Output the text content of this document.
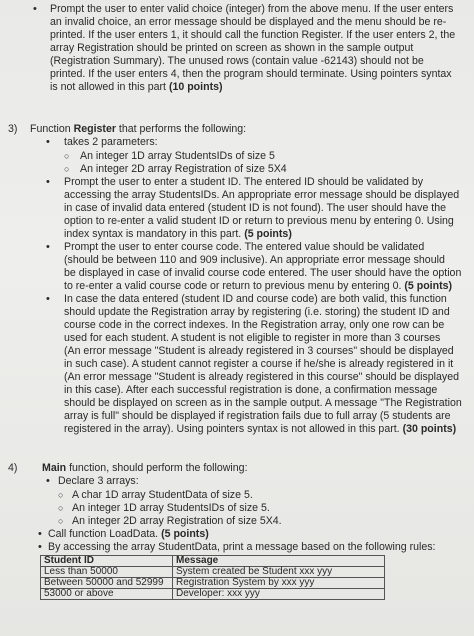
• Prompt the user to enter valid choice (integer) from the above menu. If the user enters
an invalid choice, an error message should be displayed and the menu should be re-
printed. If the user enters 1, it should call the function Register. If the user enters 2, the
array Registration should be printed on screen as shown in the sample output
(Registration Summary). The unused rows (contain value -62143) should not be
printed. If the user enters 4, then the program should terminate. Using pointers syntax
is not allowed in this part (10 points)
3) Function Register that performs the following:
• takes 2 parameters:
○ An integer 1D array StudentsIDs of size 5
○ An integer 2D array Registration of size 5X4
• Prompt the user to enter a student ID. The entered ID should be validated by
accessing the array StudentsIDs. An appropriate error message should be displayed
in case of invalid data entered (student ID is not found). The user should have the
option to re-enter a valid student ID or return to previous menu by entering 0. Using
index syntax is mandatory in this part. (5 points)
• Prompt the user to enter course code. The entered value should be validated
(should be between 110 and 909 inclusive). An appropriate error message should
be displayed in case of invalid course code entered. The user should have the option
to re-enter a valid course code or return to previous menu by entering 0. (5 points)
• In case the data entered (student ID and course code) are both valid, this function
should update the Registration array by registering (i.e. storing) the student ID and
course code in the correct indexes. In the Registration array, only one row can be
used for each student. A student is not eligible to register in more than 3 courses
(An error message "Student is already registered in 3 courses" should be displayed
in such case). A student cannot register a course if he/she is already registered in it
(An error message "Student is already registered in this course" should be displayed
in this case). After each successful registration is done, a confirmation message
should be displayed on screen as in the sample output. A message "The Registration
array is full" should be displayed if registration fails due to full array (5 students are
registered in the array). Using pointers syntax is not allowed in this part. (30 points)
4) Main function, should perform the following:
• Declare 3 arrays:
○ A char 1D array StudentData of size 5.
○ An integer 1D array StudentsIDs of size 5.
○ An integer 2D array Registration of size 5X4.
• Call function LoadData. (5 points)
• By accessing the array StudentData, print a message based on the following rules:
Student ID	Message
Less than 50000	System created be Student xxx yyy
Between 50000 and 52999	Registration System by xxx yyy
53000 or above	Developer: xxx yyy
